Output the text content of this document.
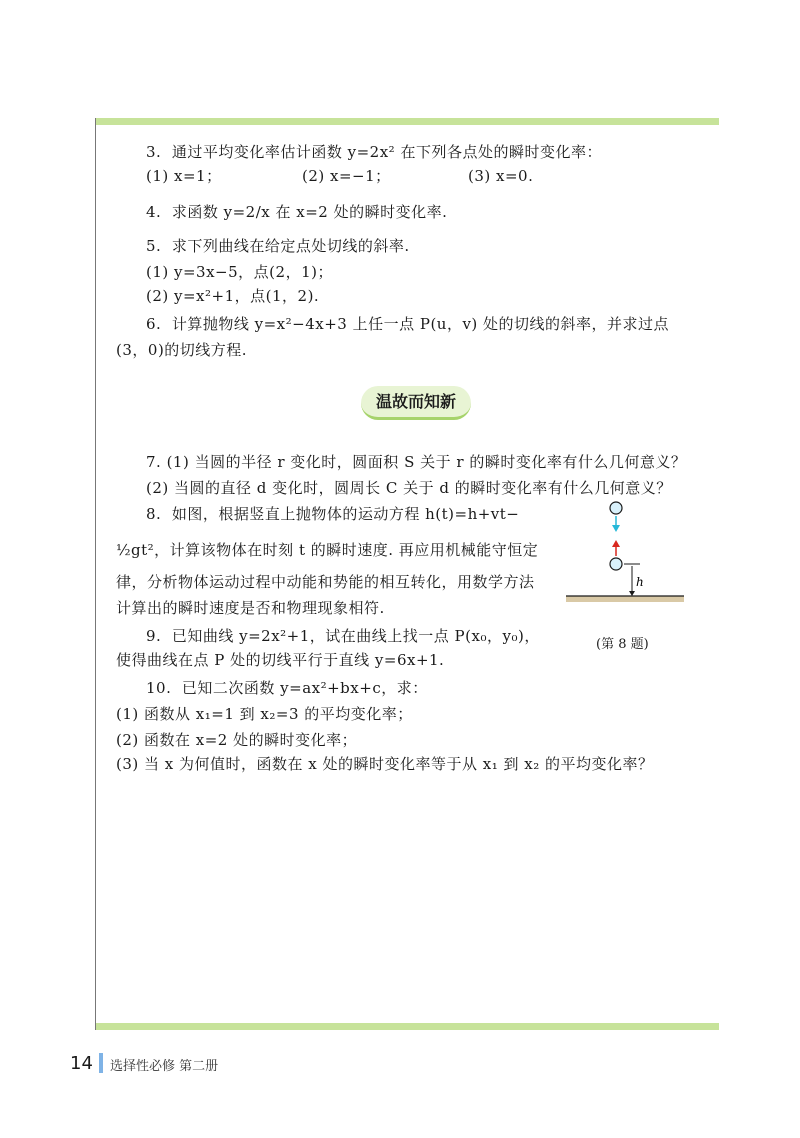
3.  通过平均变化率估计函数 y=2x² 在下列各点处的瞬时变化率：
(1) x=1；	(2) x=−1；	(3) x=0.
4.  求函数 y=2/x 在 x=2 处的瞬时变化率.
5.  求下列曲线在给定点处切线的斜率.
(1) y=3x−5，点(2，1)；
(2) y=x²+1，点(1，2).
6.  计算抛物线 y=x²−4x+3 上任一点 P(u，v) 处的切线的斜率，并求过点
(3，0)的切线方程.
温故而知新
7. (1) 当圆的半径 r 变化时，圆面积 S 关于 r 的瞬时变化率有什么几何意义？
(2) 当圆的直径 d 变化时，圆周长 C 关于 d 的瞬时变化率有什么几何意义？
8.  如图，根据竖直上抛物体的运动方程 h(t)=h+vt−
½gt²，计算该物体在时刻 t 的瞬时速度. 再应用机械能守恒定
律，分析物体运动过程中动能和势能的相互转化，用数学方法
计算出的瞬时速度是否和物理现象相符.
9.  已知曲线 y=2x²+1，试在曲线上找一点 P(x₀，y₀)，
使得曲线在点 P 处的切线平行于直线 y=6x+1.
10.  已知二次函数 y=ax²+bx+c，求：
(1) 函数从 x₁=1 到 x₂=3 的平均变化率；
(2) 函数在 x=2 处的瞬时变化率；
(3) 当 x 为何值时，函数在 x 处的瞬时变化率等于从 x₁ 到 x₂ 的平均变化率？
h
(第 8 题)
14 选择性必修 第二册
